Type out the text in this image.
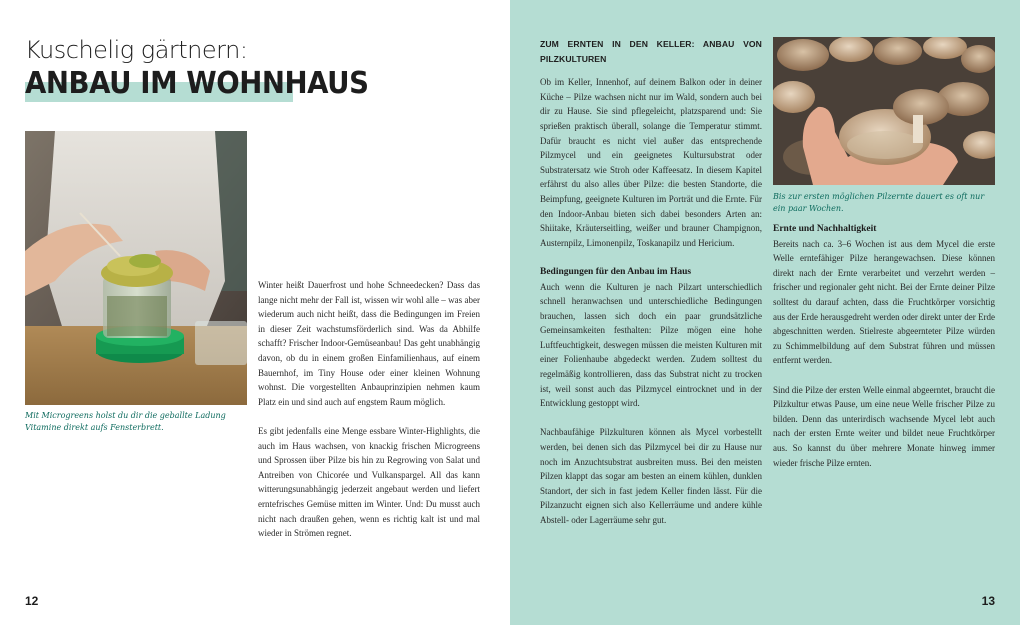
Kuschelig gärtnern:
ANBAU IM WOHNHAUS
Mit Microgreens holst du dir die geballte Ladung Vitamine direkt aufs Fensterbrett.

Winter heißt Dauerfrost und hohe Schneedecken? Dass das lange nicht mehr der Fall ist, wissen wir wohl alle – was aber wiederum auch nicht heißt, dass die Bedingungen im Freien in dieser Zeit wachstumsförderlich sind. Was da Abhilfe schafft? Frischer Indoor-Gemüseanbau! Das geht unabhängig davon, ob du in einem großen Einfamilienhaus, auf einem Bauernhof, im Tiny House oder einer kleinen Wohnung wohnst. Die vorgestellten Anbauprinzipien nehmen kaum Platz ein und sind auch auf engstem Raum möglich.

Es gibt jedenfalls eine Menge essbare Winter-Highlights, die auch im Haus wachsen, von knackig frischen Microgreens und Sprossen über Pilze bis hin zu Regrowing von Salat und Antreiben von Chicorée und Vulkanspargel. All das kann witterungsunabhängig jederzeit angebaut werden und liefert erntefrisches Gemüse mitten im Winter. Und: Du musst auch nicht nach draußen gehen, wenn es richtig kalt ist und mal wieder in Strömen regnet.

12

ZUM ERNTEN IN DEN KELLER: ANBAU VON PILZKULTUREN

Ob im Keller, Innenhof, auf deinem Balkon oder in deiner Küche – Pilze wachsen nicht nur im Wald, sondern auch bei dir zu Hause. Sie sind pflegeleicht, platzsparend und: Sie sprießen praktisch überall, solange die Temperatur stimmt. Dafür braucht es nicht viel außer das entsprechende Pilzmycel und ein geeignetes Kultursubstrat oder Substratersatz wie Stroh oder Kaffeesatz. In diesem Kapitel erfährst du also alles über Pilze: die besten Standorte, die Beimpfung, geeignete Kulturen im Porträt und die Ernte. Für den Indoor-Anbau bieten sich dabei besonders Arten an: Shiitake, Kräuterseitling, weißer und brauner Champignon, Austernpilz, Limonenpilz, Toskanapilz und Hericium.

Bedingungen für den Anbau im Haus
Auch wenn die Kulturen je nach Pilzart unterschiedlich schnell heranwachsen und unterschiedliche Bedingungen brauchen, lassen sich doch ein paar grundsätzliche Gemeinsamkeiten festhalten: Pilze mögen eine hohe Luftfeuchtigkeit, deswegen müssen die meisten Kulturen mit einer Folienhaube abgedeckt werden. Zudem solltest du regelmäßig kontrollieren, dass das Substrat nicht zu trocken ist, weil sonst auch das Pilzmycel eintrocknet und in der Entwicklung gestoppt wird.

Nachbaufähige Pilzkulturen können als Mycel vorbestellt werden, bei denen sich das Pilzmycel bei dir zu Hause nur noch im Anzuchtsubstrat ausbreiten muss. Bei den meisten Pilzen klappt das sogar am besten an einem kühlen, dunklen Standort, der sich in fast jedem Keller finden lässt. Für die Pilzanzucht eignen sich also Kellerräume und andere kühle Abstell- oder Lagerräume sehr gut.

Bis zur ersten möglichen Pilzernte dauert es oft nur ein paar Wochen.

Ernte und Nachhaltigkeit
Bereits nach ca. 3–6 Wochen ist aus dem Mycel die erste Welle erntefähiger Pilze herangewachsen. Diese können direkt nach der Ernte verarbeitet und verzehrt werden – frischer und regionaler geht nicht. Bei der Ernte deiner Pilze solltest du darauf achten, dass die Fruchtkörper vorsichtig aus der Erde herausgedreht werden oder direkt unter der Erde abgeschnitten werden. Stielreste abgeernteter Pilze würden zu Schimmelbildung auf dem Substrat führen und müssen entfernt werden.

Sind die Pilze der ersten Welle einmal abgeerntet, braucht die Pilzkultur etwas Pause, um eine neue Welle frischer Pilze zu bilden. Denn das unterirdisch wachsende Mycel lebt auch nach der ersten Ernte weiter und bildet neue Fruchtkörper aus. So kannst du über mehrere Monate hinweg immer wieder frische Pilze ernten.

13
